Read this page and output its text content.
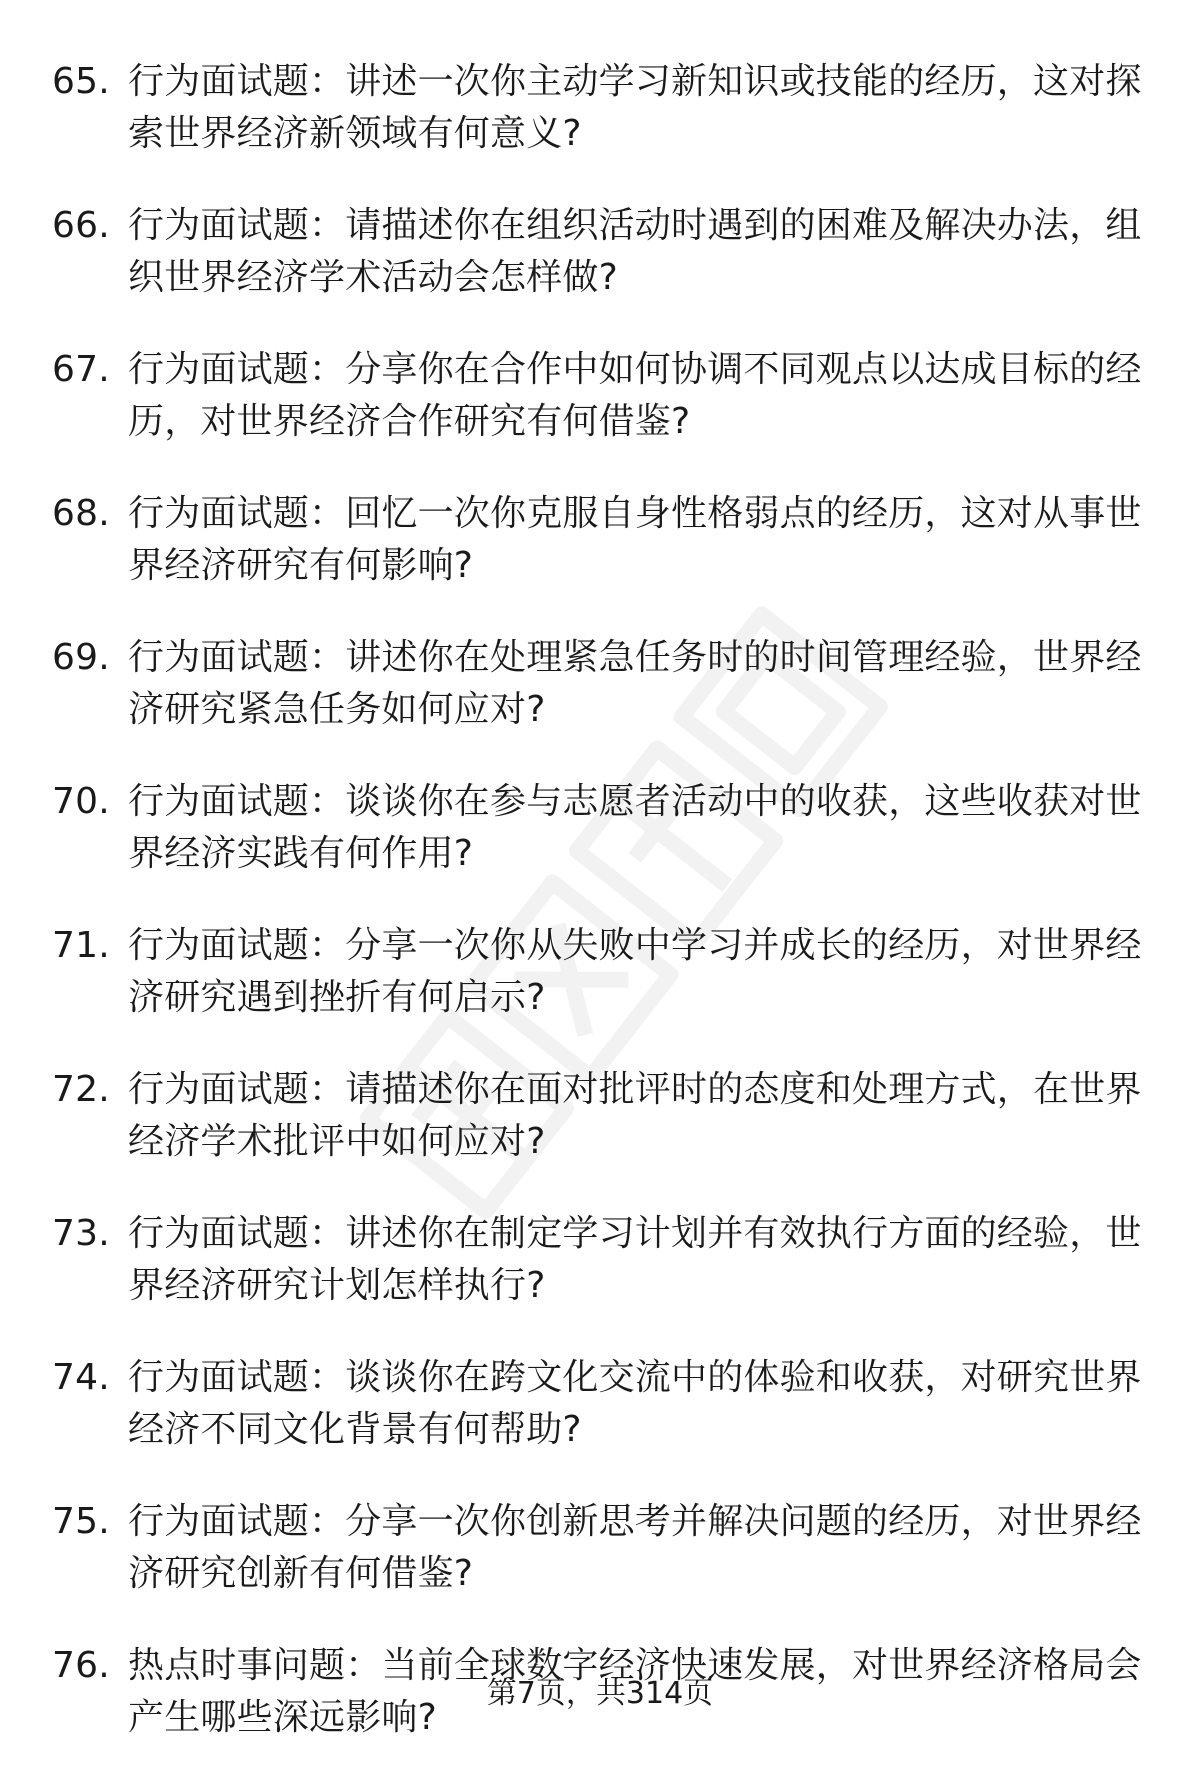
65. 行为面试题：讲述一次你主动学习新知识或技能的经历，这对探索世界经济新领域有何意义?
66. 行为面试题：请描述你在组织活动时遇到的困难及解决办法，组织世界经济学术活动会怎样做?
67. 行为面试题：分享你在合作中如何协调不同观点以达成目标的经历，对世界经济合作研究有何借鉴?
68. 行为面试题：回忆一次你克服自身性格弱点的经历，这对从事世界经济研究有何影响?
69. 行为面试题：讲述你在处理紧急任务时的时间管理经验，世界经济研究紧急任务如何应对?
70. 行为面试题：谈谈你在参与志愿者活动中的收获，这些收获对世界经济实践有何作用?
71. 行为面试题：分享一次你从失败中学习并成长的经历，对世界经济研究遇到挫折有何启示?
72. 行为面试题：请描述你在面对批评时的态度和处理方式，在世界经济学术批评中如何应对?
73. 行为面试题：讲述你在制定学习计划并有效执行方面的经验，世界经济研究计划怎样执行?
74. 行为面试题：谈谈你在跨文化交流中的体验和收获，对研究世界经济不同文化背景有何帮助?
75. 行为面试题：分享一次你创新思考并解决问题的经历，对世界经济研究创新有何借鉴?
76. 热点时事问题：当前全球数字经济快速发展，对世界经济格局会产生哪些深远影响?
第7页，共314页
